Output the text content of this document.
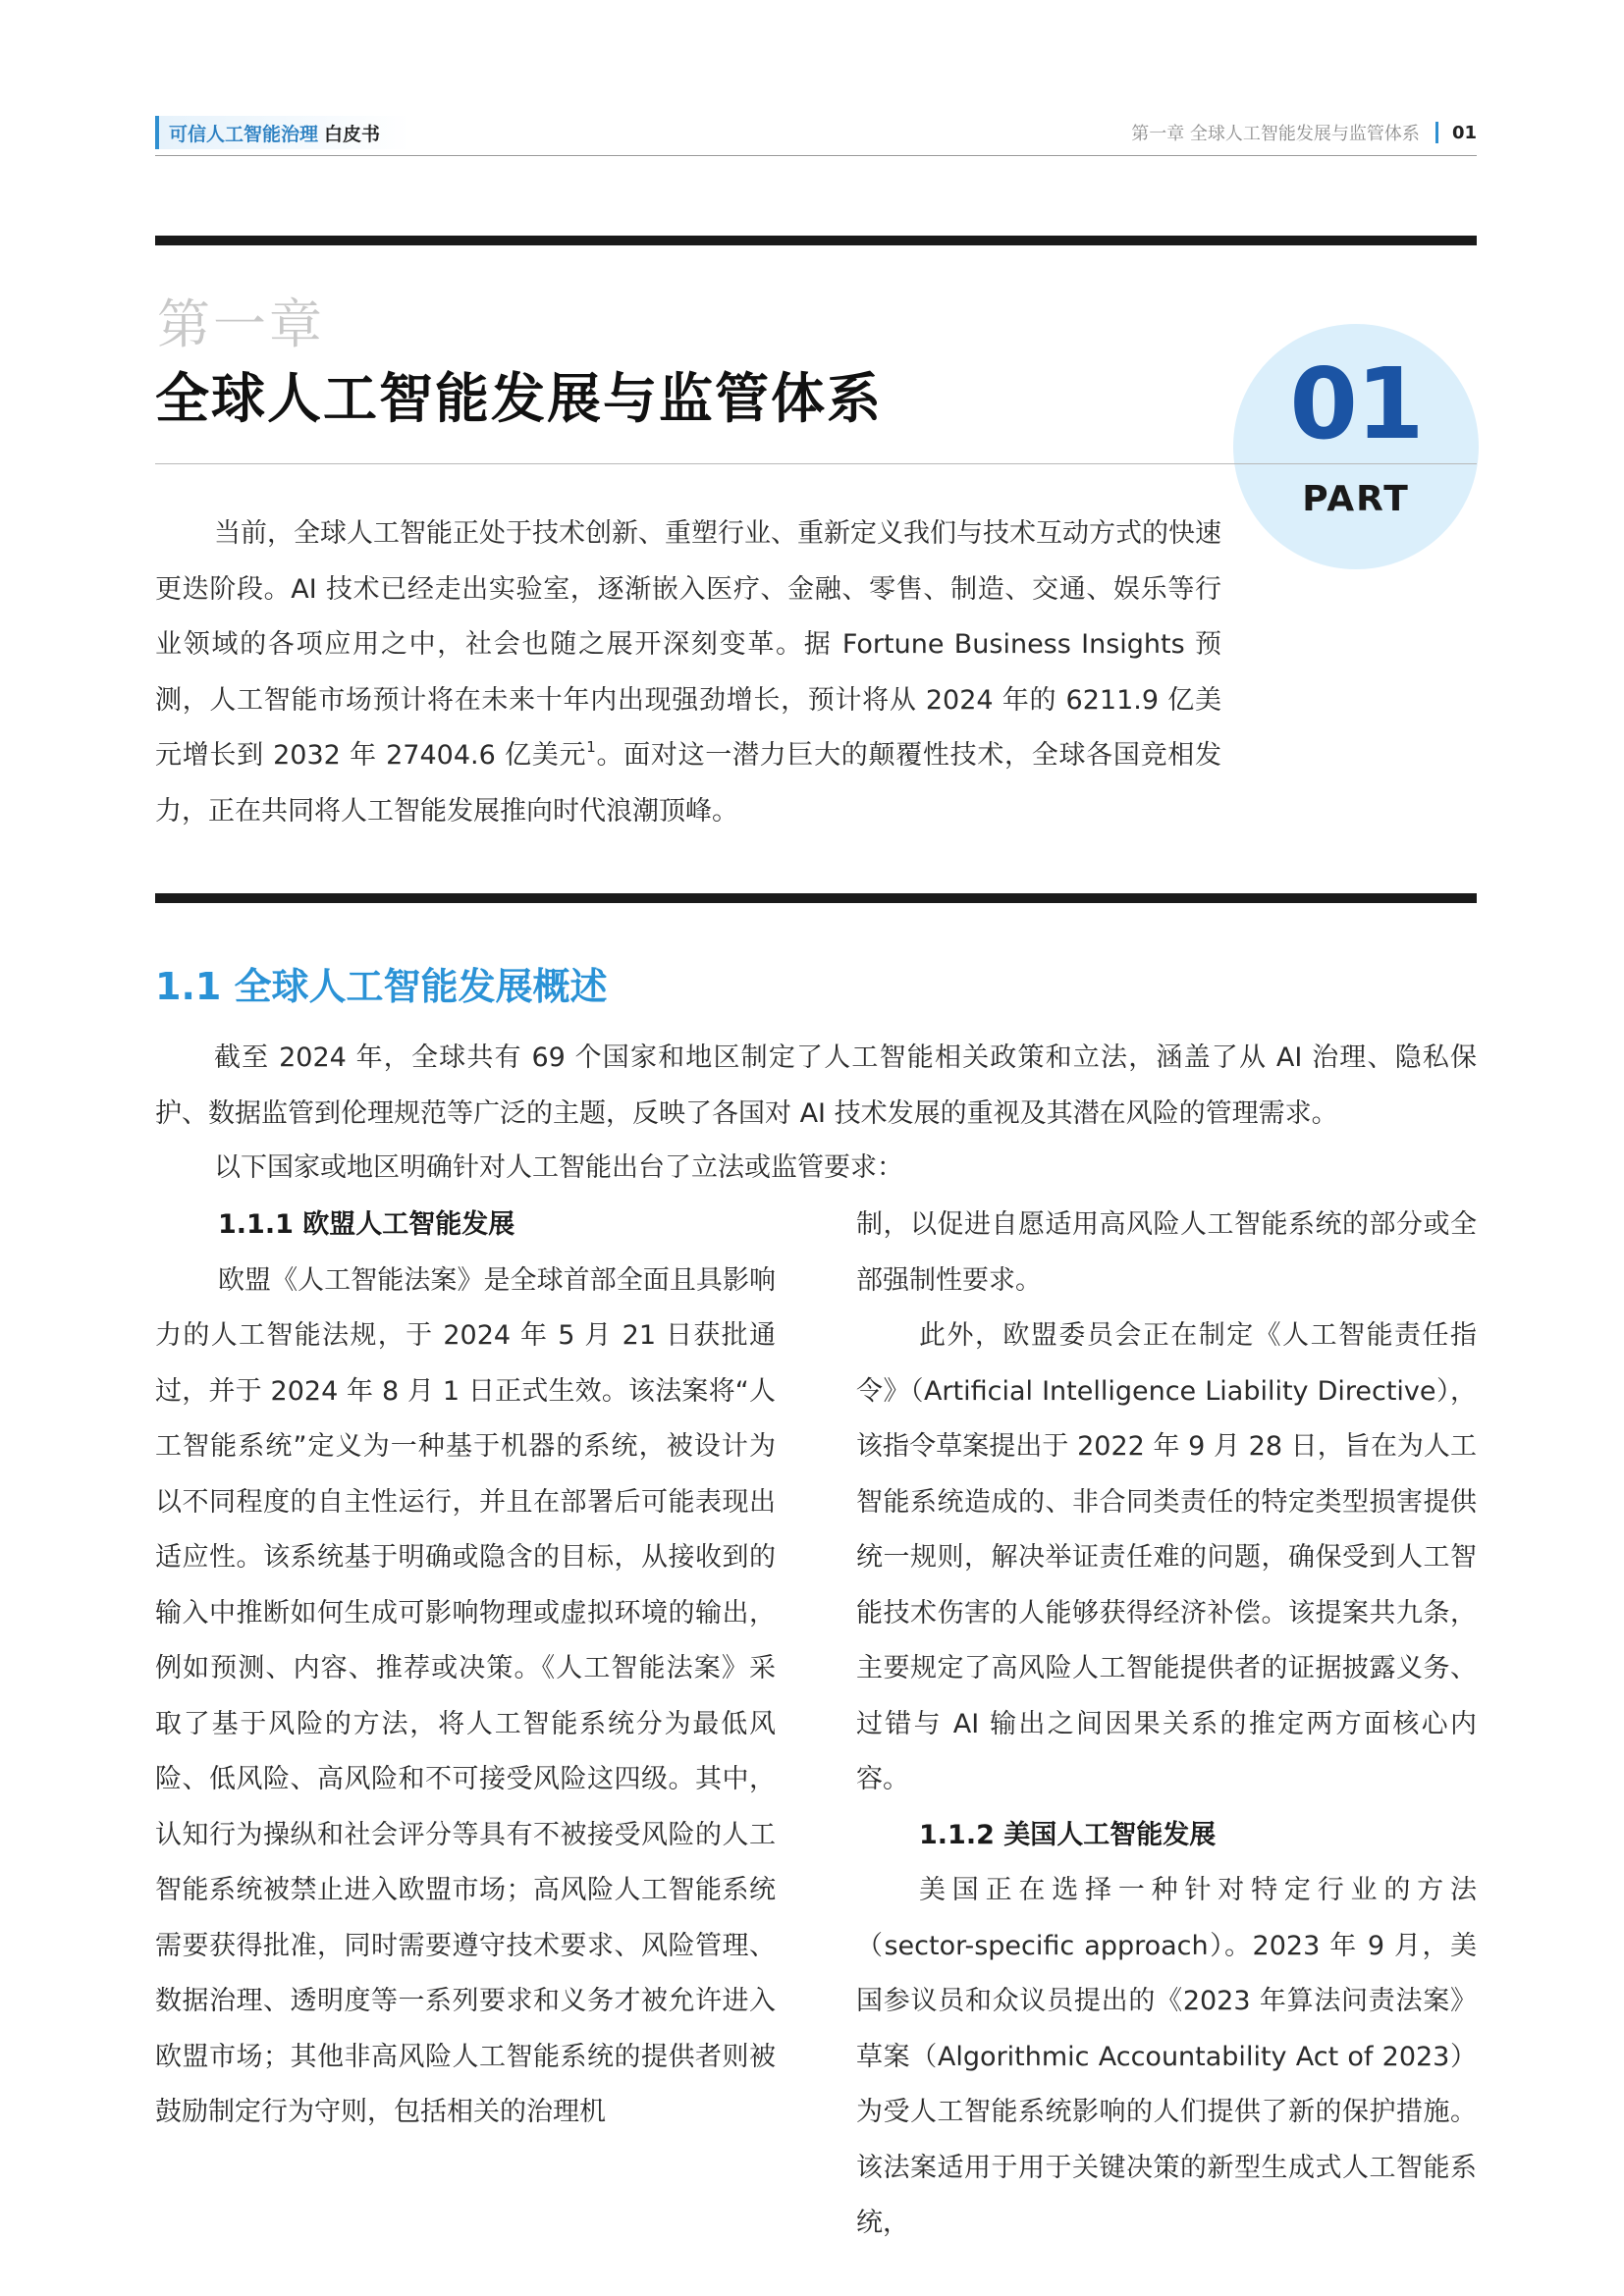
可信人工智能治理 白皮书	第一章 全球人工智能发展与监管体系 01
第一章
全球人工智能发展与监管体系	01
PART
当前，全球人工智能正处于技术创新、重塑行业、重新定义我们与技术互动方式的快速更迭阶段。AI 技术已经走出实验室，逐渐嵌入医疗、金融、零售、制造、交通、娱乐等行业领域的各项应用之中，社会也随之展开深刻变革。据 Fortune Business Insights 预测，人工智能市场预计将在未来十年内出现强劲增长，预计将从 2024 年的 6211.9 亿美元增长到 2032 年 27404.6 亿美元$^1$。面对这一潜力巨大的颠覆性技术，全球各国竞相发力，正在共同将人工智能发展推向时代浪潮顶峰。
1.1 全球人工智能发展概述
截至 2024 年，全球共有 69 个国家和地区制定了人工智能相关政策和立法，涵盖了从 AI 治理、隐私保护、数据监管到伦理规范等广泛的主题，反映了各国对 AI 技术发展的重视及其潜在风险的管理需求。
以下国家或地区明确针对人工智能出台了立法或监管要求：

1.1.1 欧盟人工智能发展

欧盟《人工智能法案》是全球首部全面且具影响力的人工智能法规，于 2024 年 5 月 21 日获批通过，并于 2024 年 8 月 1 日正式生效。该法案将“人工智能系统”定义为一种基于机器的系统，被设计为以不同程度的自主性运行，并且在部署后可能表现出适应性。该系统基于明确或隐含的目标，从接收到的输入中推断如何生成可影响物理或虚拟环境的输出，例如预测、内容、推荐或决策。《人工智能法案》采取了基于风险的方法，将人工智能系统分为最低风险、低风险、高风险和不可接受风险这四级。其中，认知行为操纵和社会评分等具有不被接受风险的人工智能系统被禁止进入欧盟市场；高风险人工智能系统需要获得批准，同时需要遵守技术要求、风险管理、数据治理、透明度等一系列要求和义务才被允许进入欧盟市场；其他非高风险人工智能系统的提供者则被鼓励制定行为守则，包括相关的治理机

制，以促进自愿适用高风险人工智能系统的部分或全部强制性要求。

此外，欧盟委员会正在制定《人工智能责任指令》（Artificial Intelligence Liability Directive），该指令草案提出于 2022 年 9 月 28 日，旨在为人工智能系统造成的、非合同类责任的特定类型损害提供统一规则，解决举证责任难的问题，确保受到人工智能技术伤害的人能够获得经济补偿。该提案共九条，主要规定了高风险人工智能提供者的证据披露义务、过错与 AI 输出之间因果关系的推定两方面核心内容。

1.1.2 美国人工智能发展

美国正在选择一种针对特定行业的方法（sector-specific approach）。2023 年 9 月，美国参议员和众议员提出的《2023 年算法问责法案》草案（Algorithmic Accountability Act of 2023）为受人工智能系统影响的人们提供了新的保护措施。该法案适用于用于关键决策的新型生成式人工智能系统，
